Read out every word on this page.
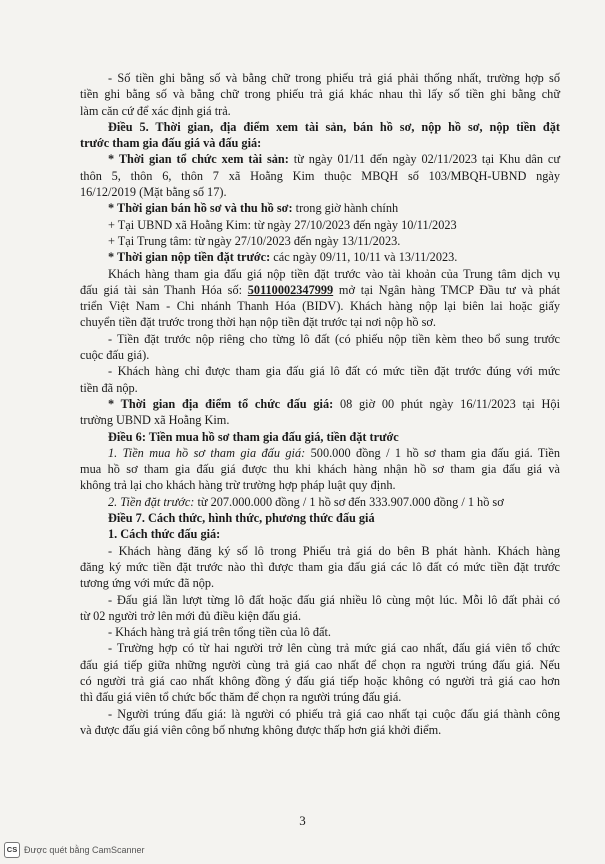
- Số tiền ghi bằng số và bằng chữ trong phiếu trả giá phải thống nhất, trường hợp số
tiền ghi bằng số và bằng chữ trong phiếu trả giá khác nhau thì lấy số tiền ghi bằng chữ
làm căn cứ để xác định giá trả.
Điều 5. Thời gian, địa điểm xem tài sản, bán hồ sơ, nộp hồ sơ, nộp tiền đặt
trước tham gia đấu giá và đấu giá:
* Thời gian tổ chức xem tài sản: từ ngày 01/11 đến ngày 02/11/2023 tại Khu dân cư
thôn 5, thôn 6, thôn 7 xã Hoằng Kim thuộc MBQH số 103/MBQH-UBND ngày
16/12/2019 (Mặt bằng số 17).
* Thời gian bán hồ sơ và thu hồ sơ: trong giờ hành chính
+ Tại UBND xã Hoằng Kim: từ ngày 27/10/2023 đến ngày 10/11/2023
+ Tại Trung tâm: từ ngày 27/10/2023 đến ngày 13/11/2023.
* Thời gian nộp tiền đặt trước: các ngày 09/11, 10/11 và 13/11/2023.
Khách hàng tham gia đấu giá nộp tiền đặt trước vào tài khoản của Trung tâm dịch vụ
đấu giá tài sản Thanh Hóa số: 50110002347999 mở tại Ngân hàng TMCP Đầu tư và phát
triển Việt Nam - Chi nhánh Thanh Hóa (BIDV). Khách hàng nộp lại biên lai hoặc giấy
chuyển tiền đặt trước trong thời hạn nộp tiền đặt trước tại nơi nộp hồ sơ.
- Tiền đặt trước nộp riêng cho từng lô đất (có phiếu nộp tiền kèm theo bổ sung trước
cuộc đấu giá).
- Khách hàng chỉ được tham gia đấu giá lô đất có mức tiền đặt trước đúng với mức
tiền đã nộp.
* Thời gian địa điểm tổ chức đấu giá: 08 giờ 00 phút ngày 16/11/2023 tại Hội
trường UBND xã Hoằng Kim.
Điều 6: Tiền mua hồ sơ tham gia đấu giá, tiền đặt trước
1. Tiền mua hồ sơ tham gia đấu giá: 500.000 đồng / 1 hồ sơ tham gia đấu giá. Tiền
mua hồ sơ tham gia đấu giá được thu khi khách hàng nhận hồ sơ tham gia đấu giá và
không trả lại cho khách hàng trừ trường hợp pháp luật quy định.
2. Tiền đặt trước: từ 207.000.000 đồng / 1 hồ sơ đến 333.907.000 đồng / 1 hồ sơ
Điều 7. Cách thức, hình thức, phương thức đấu giá
1. Cách thức đấu giá:
- Khách hàng đăng ký số lô trong Phiếu trả giá do bên B phát hành. Khách hàng
đăng ký mức tiền đặt trước nào thì được tham gia đấu giá các lô đất có mức tiền đặt trước
tương ứng với mức đã nộp.
- Đấu giá lần lượt từng lô đất hoặc đấu giá nhiều lô cùng một lúc. Mỗi lô đất phải có
từ 02 người trở lên mới đủ điều kiện đấu giá.
- Khách hàng trả giá trên tổng tiền của lô đất.
- Trường hợp có từ hai người trở lên cùng trả mức giá cao nhất, đấu giá viên tổ chức
đấu giá tiếp giữa những người cùng trả giá cao nhất để chọn ra người trúng đấu giá. Nếu
có người trả giá cao nhất không đồng ý đấu giá tiếp hoặc không có người trả giá cao hơn
thì đấu giá viên tổ chức bốc thăm để chọn ra người trúng đấu giá.
- Người trúng đấu giá: là người có phiếu trả giá cao nhất tại cuộc đấu giá thành công
và được đấu giá viên công bố nhưng không được thấp hơn giá khởi điểm.
3
CS Được quét bằng CamScanner
